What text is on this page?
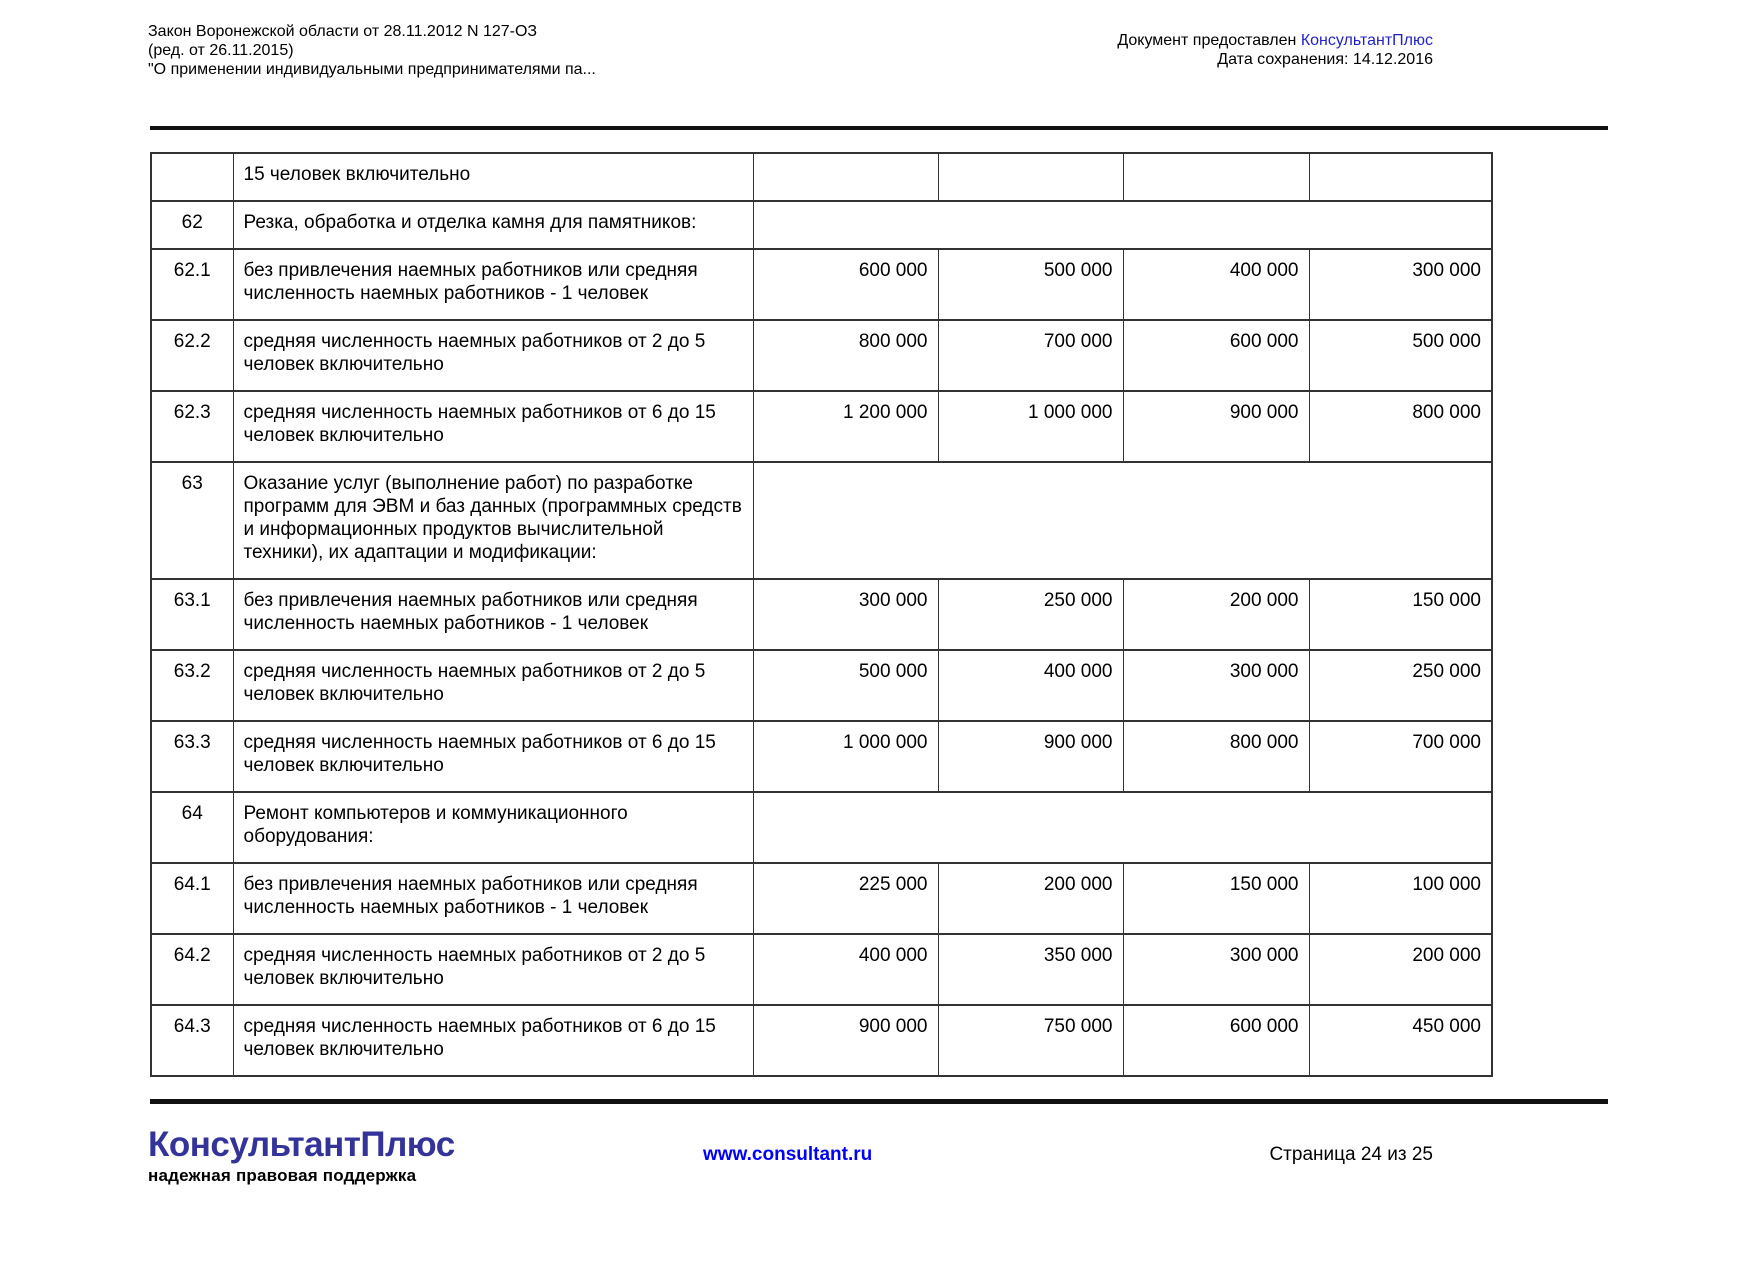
Закон Воронежской области от 28.11.2012 N 127-ОЗ
(ред. от 26.11.2015)
"О применении индивидуальными предпринимателями па...
Документ предоставлен КонсультантПлюс
Дата сохранения: 14.12.2016
	15 человек включительно				
62	Резка, обработка и отделка камня для памятников:				
62.1	без привлечения наемных работников или средняя численность наемных работников - 1 человек	600 000	500 000	400 000	300 000
62.2	средняя численность наемных работников от 2 до 5 человек включительно	800 000	700 000	600 000	500 000
62.3	средняя численность наемных работников от 6 до 15 человек включительно	1 200 000	1 000 000	900 000	800 000
63	Оказание услуг (выполнение работ) по разработке программ для ЭВМ и баз данных (программных средств и информационных продуктов вычислительной техники), их адаптации и модификации:				
63.1	без привлечения наемных работников или средняя численность наемных работников - 1 человек	300 000	250 000	200 000	150 000
63.2	средняя численность наемных работников от 2 до 5 человек включительно	500 000	400 000	300 000	250 000
63.3	средняя численность наемных работников от 6 до 15 человек включительно	1 000 000	900 000	800 000	700 000
64	Ремонт компьютеров и коммуникационного оборудования:				
64.1	без привлечения наемных работников или средняя численность наемных работников - 1 человек	225 000	200 000	150 000	100 000
64.2	средняя численность наемных работников от 2 до 5 человек включительно	400 000	350 000	300 000	200 000
64.3	средняя численность наемных работников от 6 до 15 человек включительно	900 000	750 000	600 000	450 000
КонсультантПлюс
надежная правовая поддержка
www.consultant.ru	Страница 24 из 25
